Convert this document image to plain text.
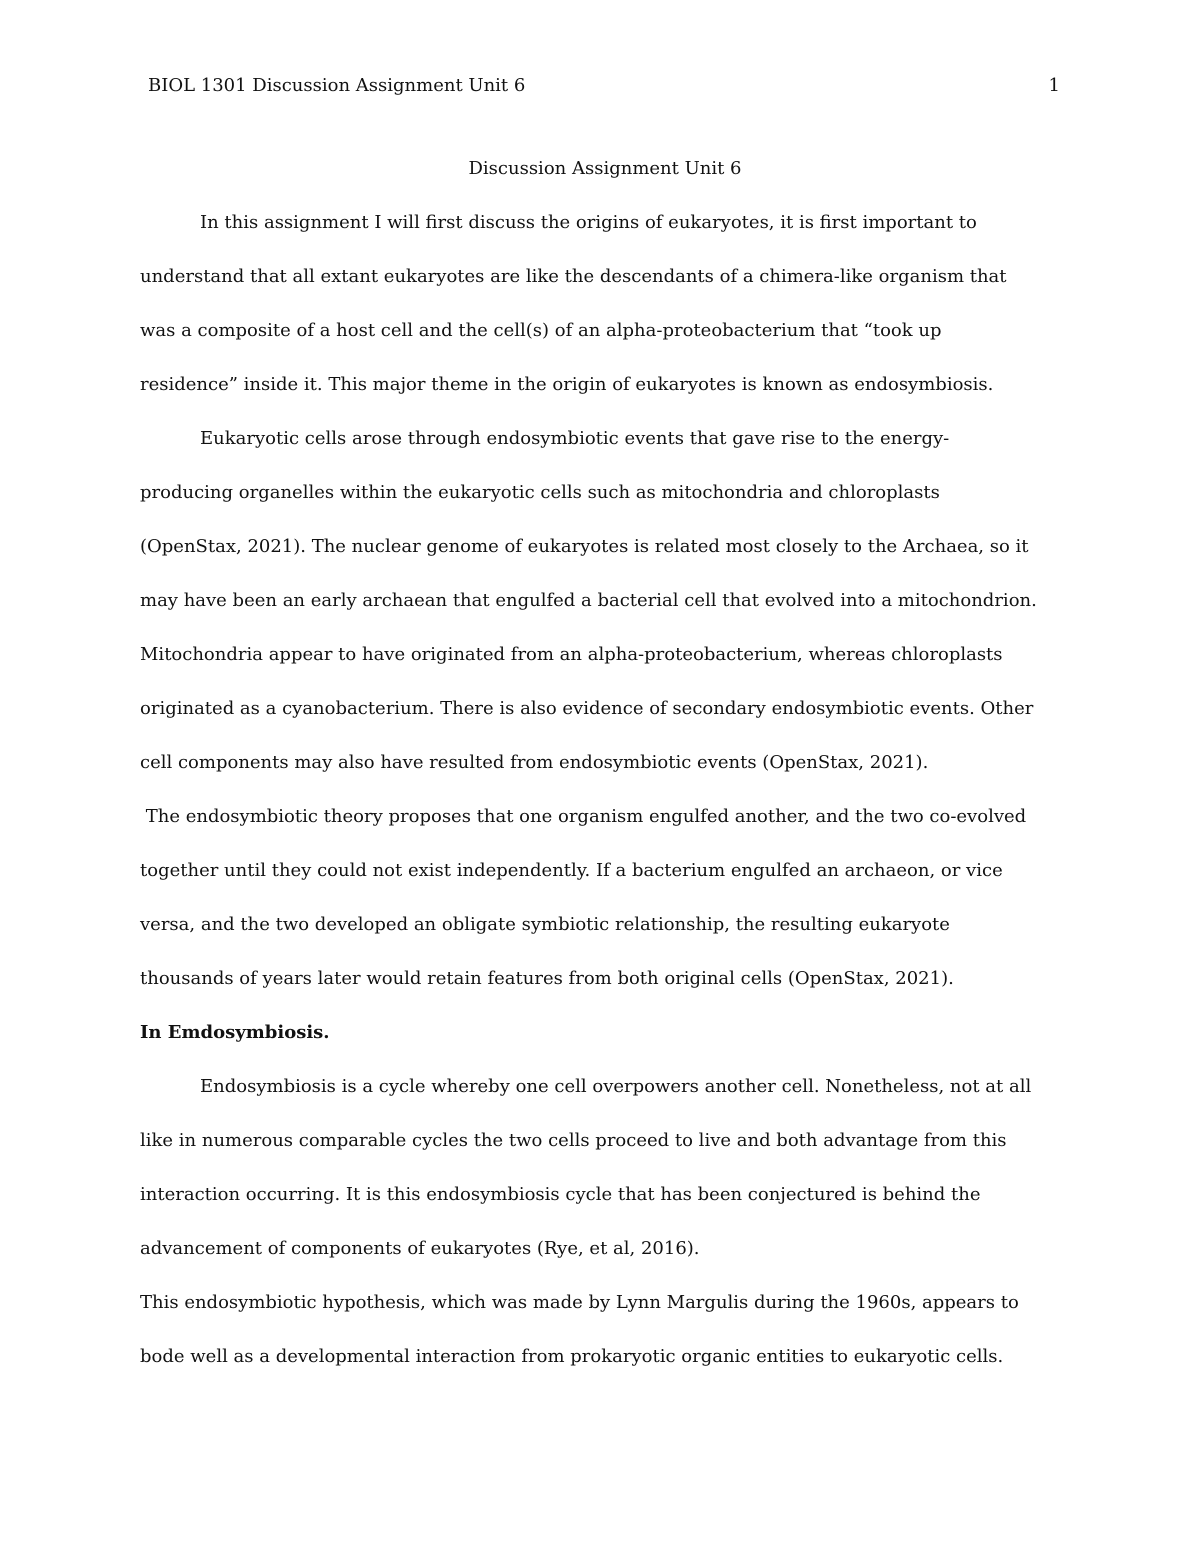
BIOL 1301 Discussion Assignment Unit 6	1
Discussion Assignment Unit 6
In this assignment I will first discuss the origins of eukaryotes, it is first important to
understand that all extant eukaryotes are like the descendants of a chimera-like organism that
was a composite of a host cell and the cell(s) of an alpha-proteobacterium that “took up
residence” inside it. This major theme in the origin of eukaryotes is known as endosymbiosis.
Eukaryotic cells arose through endosymbiotic events that gave rise to the energy-
producing organelles within the eukaryotic cells such as mitochondria and chloroplasts
(OpenStax, 2021). The nuclear genome of eukaryotes is related most closely to the Archaea, so it
may have been an early archaean that engulfed a bacterial cell that evolved into a mitochondrion.
Mitochondria appear to have originated from an alpha-proteobacterium, whereas chloroplasts
originated as a cyanobacterium. There is also evidence of secondary endosymbiotic events. Other
cell components may also have resulted from endosymbiotic events (OpenStax, 2021).
The endosymbiotic theory proposes that one organism engulfed another, and the two co-evolved
together until they could not exist independently. If a bacterium engulfed an archaeon, or vice
versa, and the two developed an obligate symbiotic relationship, the resulting eukaryote
thousands of years later would retain features from both original cells (OpenStax, 2021).
In Emdosymbiosis.
Endosymbiosis is a cycle whereby one cell overpowers another cell. Nonetheless, not at all
like in numerous comparable cycles the two cells proceed to live and both advantage from this
interaction occurring. It is this endosymbiosis cycle that has been conjectured is behind the
advancement of components of eukaryotes (Rye, et al, 2016).
This endosymbiotic hypothesis, which was made by Lynn Margulis during the 1960s, appears to
bode well as a developmental interaction from prokaryotic organic entities to eukaryotic cells.
